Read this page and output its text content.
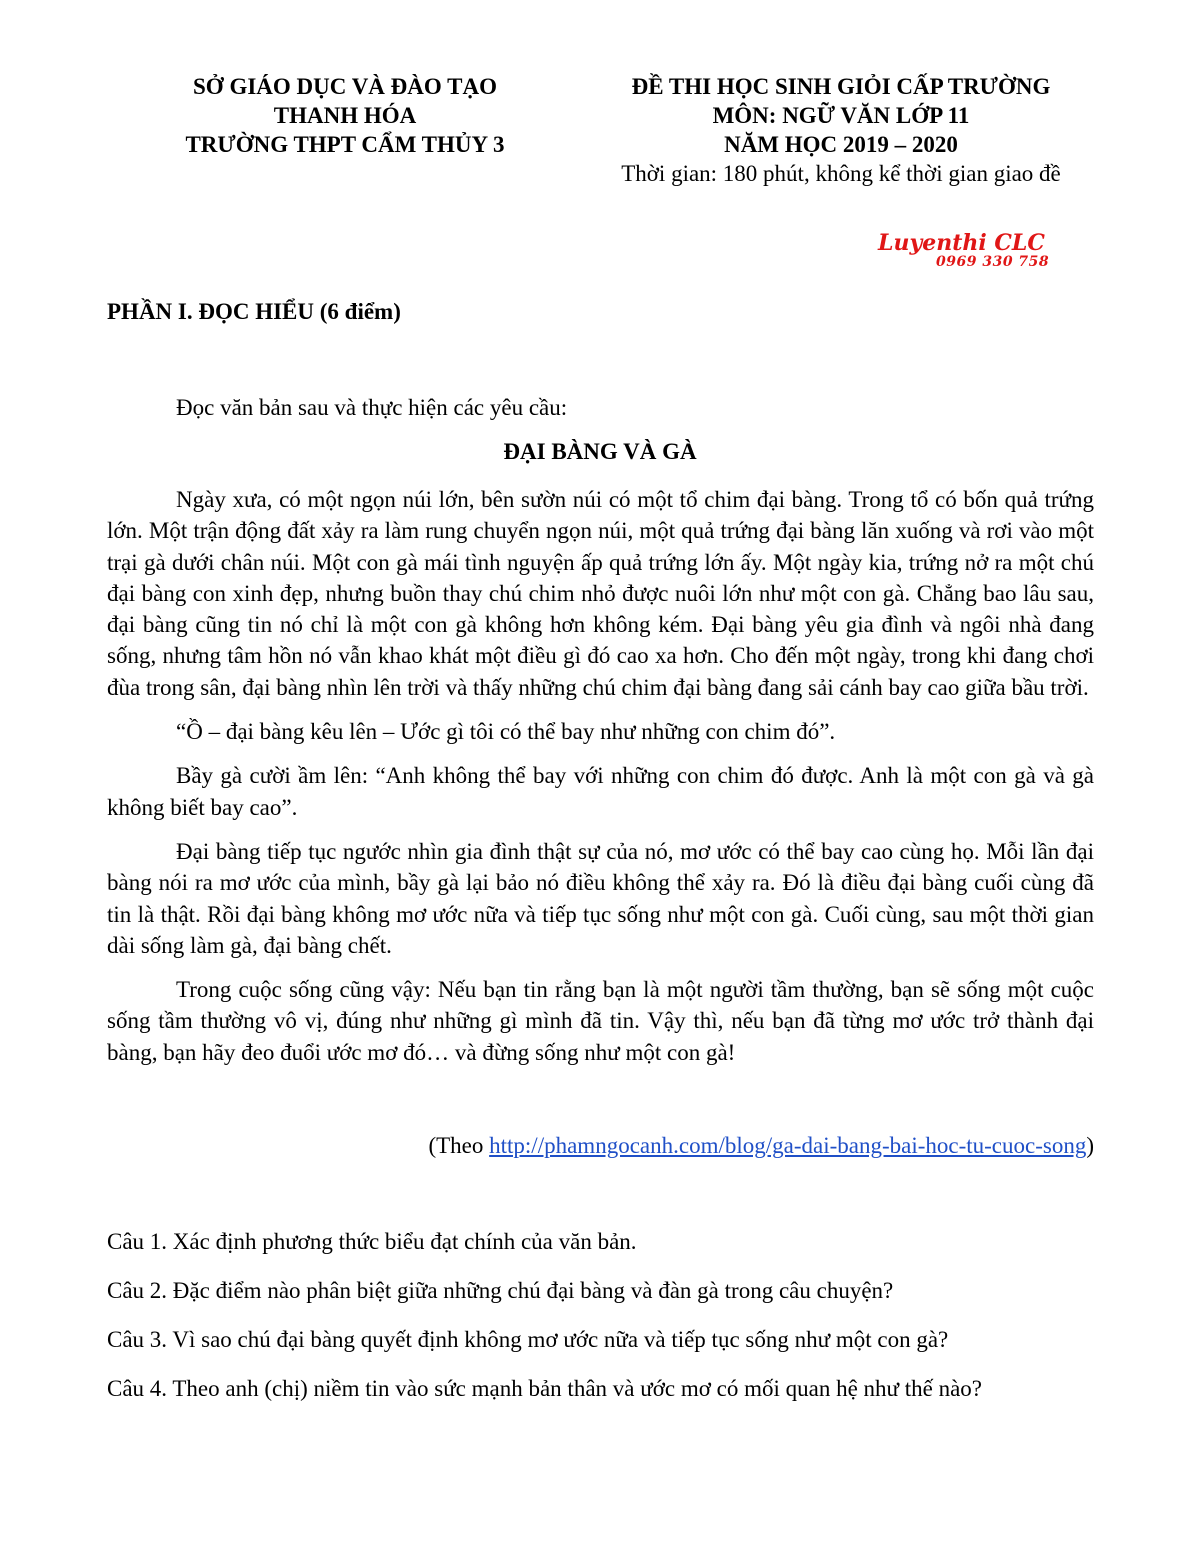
SỞ GIÁO DỤC VÀ ĐÀO TẠO
THANH HÓA
TRƯỜNG THPT CẨM THỦY 3
ĐỀ THI HỌC SINH GIỎI CẤP TRƯỜNG
MÔN: NGỮ VĂN LỚP 11
NĂM HỌC 2019 – 2020
Thời gian: 180 phút, không kể thời gian giao đề
Luyenthi CLC
0969 330 758
PHẦN I. ĐỌC HIỂU (6 điểm)
Đọc văn bản sau và thực hiện các yêu cầu:
ĐẠI BÀNG VÀ GÀ

Ngày xưa, có một ngọn núi lớn, bên sườn núi có một tổ chim đại bàng. Trong tổ có bốn quả trứng lớn. Một trận động đất xảy ra làm rung chuyển ngọn núi, một quả trứng đại bàng lăn xuống và rơi vào một trại gà dưới chân núi. Một con gà mái tình nguyện ấp quả trứng lớn ấy. Một ngày kia, trứng nở ra một chú đại bàng con xinh đẹp, nhưng buồn thay chú chim nhỏ được nuôi lớn như một con gà. Chẳng bao lâu sau, đại bàng cũng tin nó chỉ là một con gà không hơn không kém. Đại bàng yêu gia đình và ngôi nhà đang sống, nhưng tâm hồn nó vẫn khao khát một điều gì đó cao xa hơn. Cho đến một ngày, trong khi đang chơi đùa trong sân, đại bàng nhìn lên trời và thấy những chú chim đại bàng đang sải cánh bay cao giữa bầu trời.

“Ồ – đại bàng kêu lên – Ước gì tôi có thể bay như những con chim đó”.

Bầy gà cười ầm lên: “Anh không thể bay với những con chim đó được. Anh là một con gà và gà không biết bay cao”.

Đại bàng tiếp tục ngước nhìn gia đình thật sự của nó, mơ ước có thể bay cao cùng họ. Mỗi lần đại bàng nói ra mơ ước của mình, bầy gà lại bảo nó điều không thể xảy ra. Đó là điều đại bàng cuối cùng đã tin là thật. Rồi đại bàng không mơ ước nữa và tiếp tục sống như một con gà. Cuối cùng, sau một thời gian dài sống làm gà, đại bàng chết.

Trong cuộc sống cũng vậy: Nếu bạn tin rằng bạn là một người tầm thường, bạn sẽ sống một cuộc sống tầm thường vô vị, đúng như những gì mình đã tin. Vậy thì, nếu bạn đã từng mơ ước trở thành đại bàng, bạn hãy đeo đuổi ước mơ đó… và đừng sống như một con gà!

(Theo http://phamngocanh.com/blog/ga-dai-bang-bai-hoc-tu-cuoc-song)
Câu 1. Xác định phương thức biểu đạt chính của văn bản.
Câu 2. Đặc điểm nào phân biệt giữa những chú đại bàng và đàn gà trong câu chuyện?
Câu 3. Vì sao chú đại bàng quyết định không mơ ước nữa và tiếp tục sống như một con gà?
Câu 4. Theo anh (chị) niềm tin vào sức mạnh bản thân và ước mơ có mối quan hệ như thế nào?
